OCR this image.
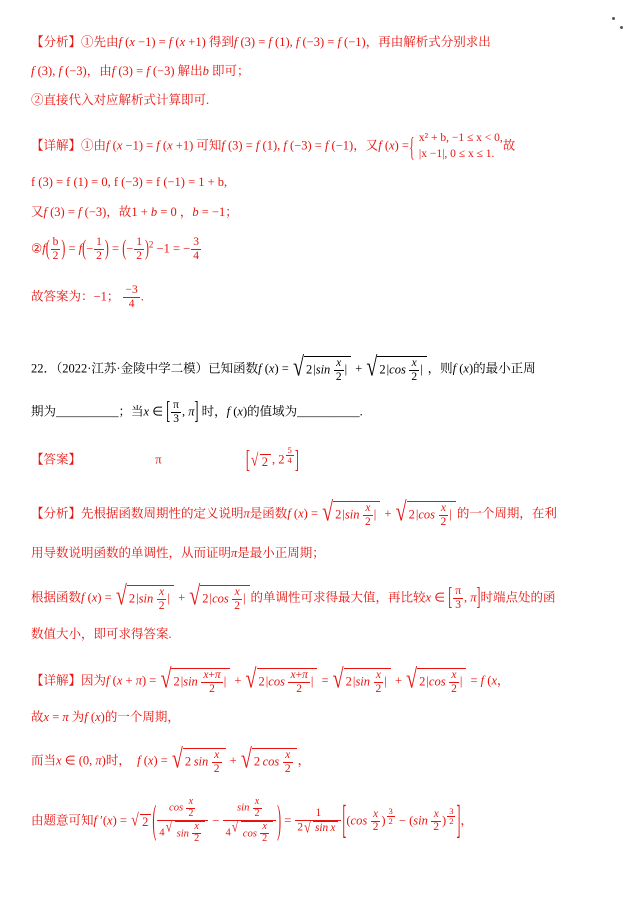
【分析】①先由f (x −1) = f (x +1) 得到f (3) = f (1), f (−3) = f (−1)，再由解析式分别求出
f (3), f (−3)，由f (3) = f (−3) 解出b 即可；
②直接代入对应解析式计算即可.
【详解】①由f (x −1) = f (x +1) 可知f (3) = f (1), f (−3) = f (−1)，又f (x) =
{ x² + b, −1 ≤ x < 0,
|x −1|, 0 ≤ x ≤ 1.
故
f (3) = f (1) = 0, f (−3) = f (−1) = 1 + b,
又f (3) = f (−3)，故1 + b = 0 ，b = −1；
②f( $\frac{b}{2}$ ) = $f(- \frac{1}{2}$ ) = (− $\frac{1}{2} )^2 -1$ = − $\frac{3}{4}$
故答案为：−1； $\frac{-3}{4}$ .
22．（2022·江苏·金陵中学二模）已知函数f (x) = √ 2 | $\sin \frac{x}{2}$
| + √ 2 | $\cos \frac{x}{2}$
| ，则f (x)的最小正周
期为__________；当x ∈ [ $\frac{\pi}{3}$ , π] 时，f (x)的值域为__________.
【答案】	π	[ √ 2 , 2 $^{\frac{5}{4}}$ ]
【分析】先根据函数周期性的定义说明π是函数f (x) = √ 2 | $\sin \frac{x}{2}$
| + √ 2 | $\cos \frac{x}{2}$
| 的一个周期，在利
用导数说明函数的单调性，从而证明π是最小正周期；
根据函数f (x) = √ 2 | $\sin \frac{x}{2}$
| + √ 2 | $\cos \frac{x}{2}$
| 的单调性可求得最大值，再比较x ∈ [ $\frac{\pi}{3}$ , π]时端点处的函
数值大小，即可求得答案.
【详解】因为f (x + π) = √ 2 | $\sin \frac{x+\pi}{2}$
| + √ 2 | $\cos \frac{x+\pi}{2}$
| = √ 2 | $\sin \frac{x}{2}$
| + √ 2 | $\cos \frac{x}{2}$
| = f (x，
故x = π 为f (x)的一个周期，
而当x ∈ (0, π)时， f (x) = √ 2  $\sin \frac{x}{2}$ + √ 2  $\cos \frac{x}{2}$ ，
由题意可知f ′(x) = √ 2 ( $\frac{\cos \frac{x}{2}}{4 √ \sin \frac{x}{2}} - \frac{\sin \frac{x}{2}}{4 √ \cos \frac{x}{2}}$ ) = $\frac{1}{\text{2 √ sin  x}} [(\cos \frac{x}{2}$ ) $^{\frac{3}{2}} - (\sin \frac{x}{2}$ ) $^{\frac{3}{2}}$ ]，
